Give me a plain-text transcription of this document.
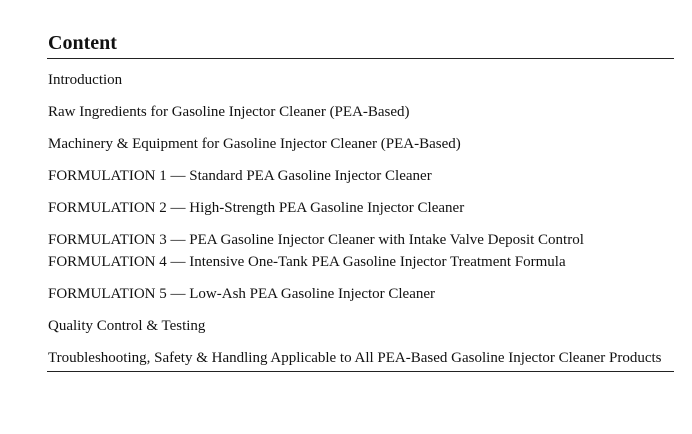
Content
Introduction
Raw Ingredients for Gasoline Injector Cleaner (PEA-Based)
Machinery & Equipment for Gasoline Injector Cleaner (PEA-Based)
FORMULATION 1 — Standard PEA Gasoline Injector Cleaner
FORMULATION 2 — High-Strength PEA Gasoline Injector Cleaner
FORMULATION 3 — PEA Gasoline Injector Cleaner with Intake Valve Deposit Control
FORMULATION 4 — Intensive One-Tank PEA Gasoline Injector Treatment Formula
FORMULATION 5 — Low-Ash PEA Gasoline Injector Cleaner
Quality Control & Testing
Troubleshooting, Safety & Handling Applicable to All PEA-Based Gasoline Injector Cleaner Products
